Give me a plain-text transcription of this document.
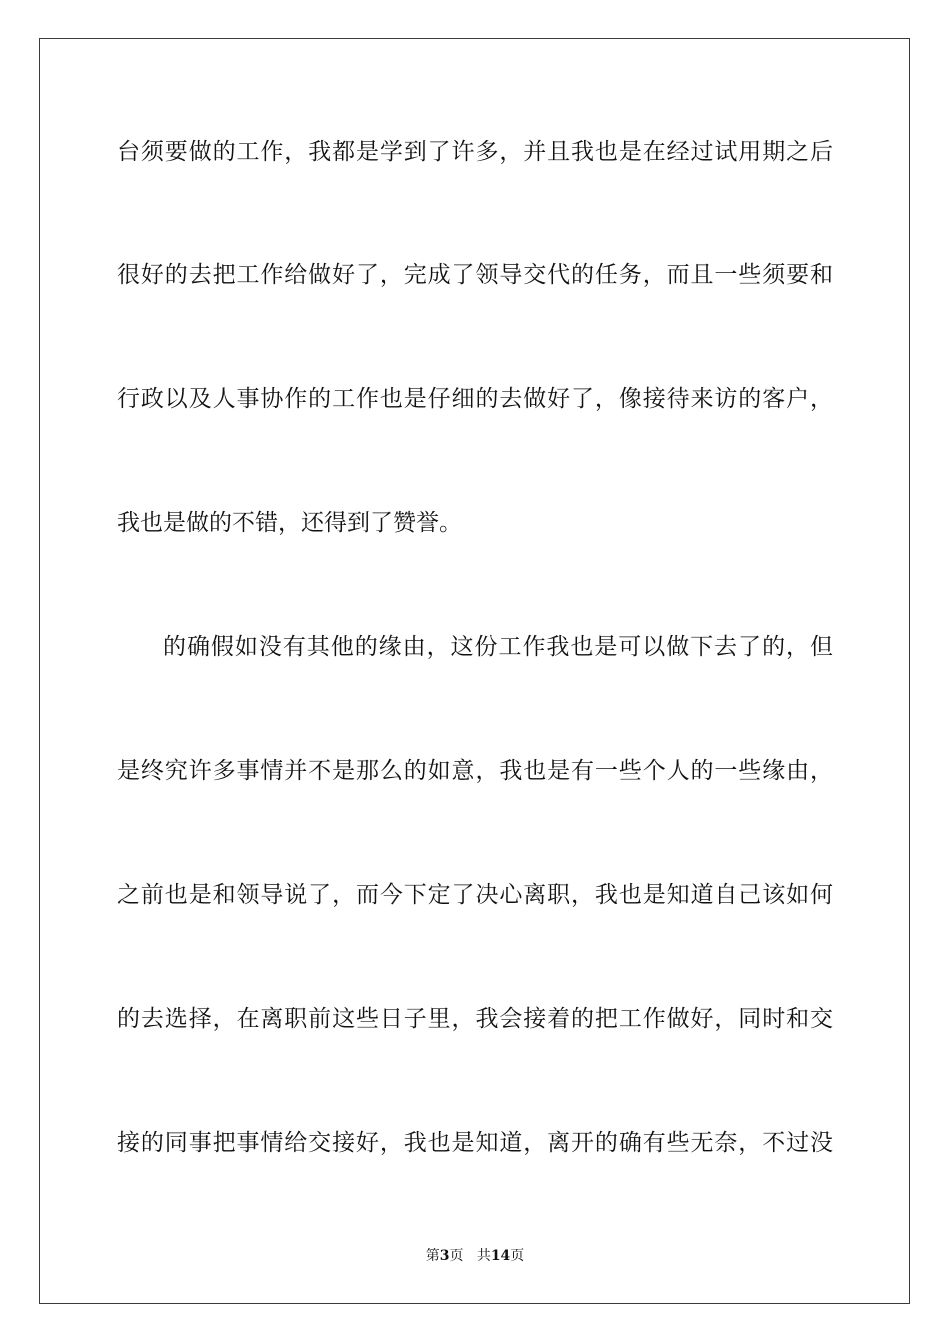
台须要做的工作，我都是学到了许多，并且我也是在经过试用期之后
很好的去把工作给做好了，完成了领导交代的任务，而且一些须要和
行政以及人事协作的工作也是仔细的去做好了，像接待来访的客户，
我也是做的不错，还得到了赞誉。
的确假如没有其他的缘由，这份工作我也是可以做下去了的，但
是终究许多事情并不是那么的如意，我也是有一些个人的一些缘由，
之前也是和领导说了，而今下定了决心离职，我也是知道自己该如何
的去选择，在离职前这些日子里，我会接着的把工作做好，同时和交
接的同事把事情给交接好，我也是知道，离开的确有些无奈，不过没
第3页 共14页
